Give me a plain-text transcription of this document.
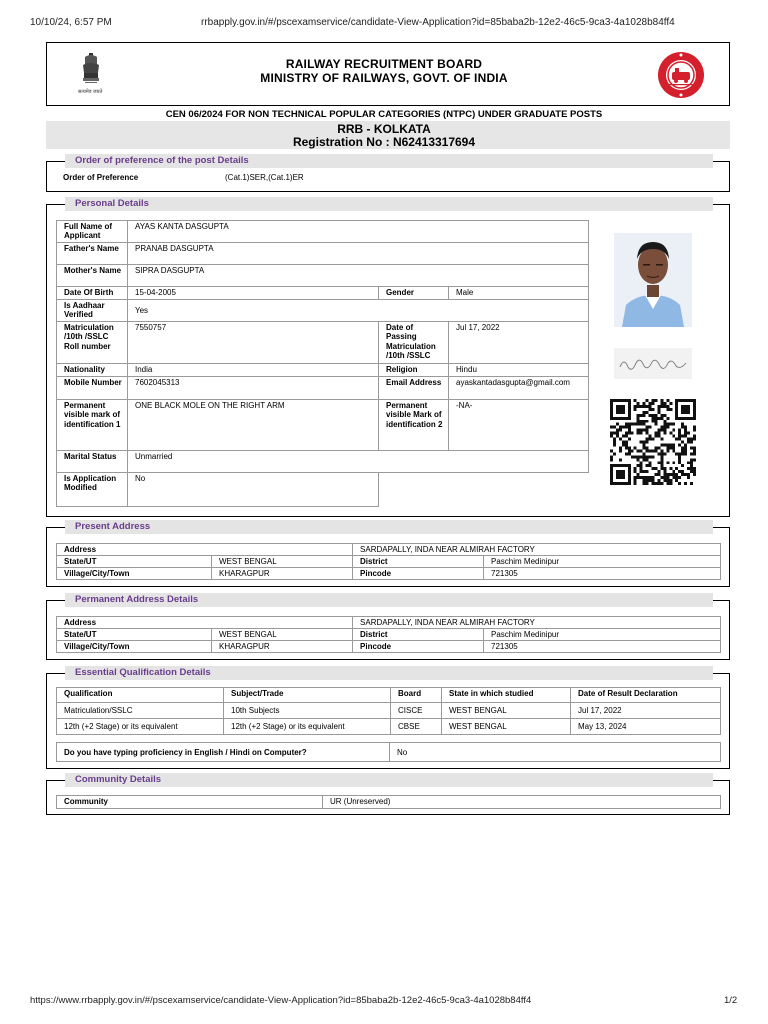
10/10/24, 6:57 PM	rrbapply.gov.in/#/pscexamservice/candidate-View-Application?id=85baba2b-12e2-46c5-9ca3-4a1028b84ff4
सत्यमेव जयते
RAILWAY RECRUITMENT BOARD
MINISTRY OF RAILWAYS, GOVT. OF INDIA
CEN 06/2024 FOR NON TECHNICAL POPULAR CATEGORIES (NTPC) UNDER GRADUATE POSTS
RRB - KOLKATA
Registration No : N62413317694
Order of preference of the post Details
Order of Preference	(Cat.1)SER,(Cat.1)ER
Personal Details
Full Name of Applicant	AYAS KANTA DASGUPTA		
Father's Name	PRANAB DASGUPTA		
Mother's Name	SIPRA DASGUPTA		
Date Of Birth	15-04-2005	Gender	Male
Is Aadhaar Verified	Yes		
Matriculation /10th /SSLC Roll number	7550757	Date of Passing Matriculation /10th /SSLC	Jul 17, 2022
Nationality	India	Religion	Hindu
Mobile Number	7602045313	Email Address	ayaskantadasgupta@gmail.com
Permanent visible mark of identification 1	ONE BLACK MOLE ON THE RIGHT ARM	Permanent visible Mark of identification 2	-NA-
Marital Status	Unmarried		
Is Application Modified	No
Present Address
Address		SARDAPALLY, INDA NEAR ALMIRAH FACTORY	
State/UT	WEST BENGAL	District	Paschim Medinipur
Village/City/Town	KHARAGPUR	Pincode	721305
Permanent Address Details
Address		SARDAPALLY, INDA NEAR ALMIRAH FACTORY	
State/UT	WEST BENGAL	District	Paschim Medinipur
Village/City/Town	KHARAGPUR	Pincode	721305
Essential Qualification Details
Qualification	Subject/Trade	Board	State in which studied	Date of Result Declaration
Matriculation/SSLC	10th Subjects	CISCE	WEST BENGAL	Jul 17, 2022
12th (+2 Stage) or its equivalent	12th (+2 Stage) or its equivalent	CBSE	WEST BENGAL	May 13, 2024
Do you have typing proficiency in English / Hindi on Computer?	No
Community Details
Community	UR (Unreserved)
https://www.rrbapply.gov.in/#/pscexamservice/candidate-View-Application?id=85baba2b-12e2-46c5-9ca3-4a1028b84ff4	1/2
